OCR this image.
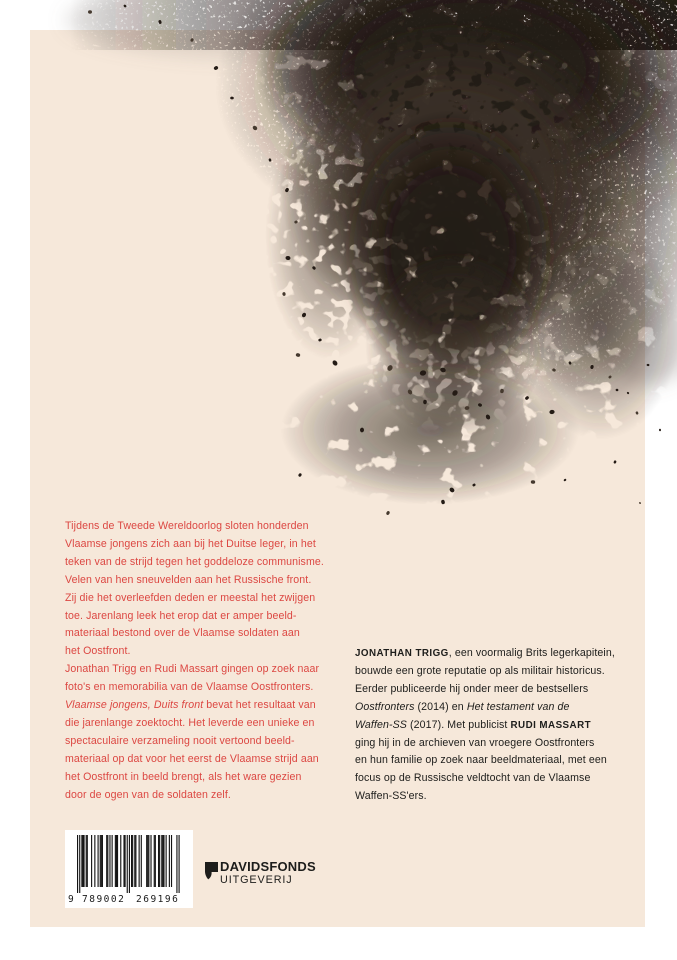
Tijdens de Tweede Wereldoorlog sloten honderden
Vlaamse jongens zich aan bij het Duitse leger, in het
teken van de strijd tegen het goddeloze communisme.
Velen van hen sneuvelden aan het Russische front.
Zij die het overleefden deden er meestal het zwijgen
toe. Jarenlang leek het erop dat er amper beeld-
materiaal bestond over de Vlaamse soldaten aan
het Oostfront.
Jonathan Trigg en Rudi Massart gingen op zoek naar
foto's en memorabilia van de Vlaamse Oostfronters.
Vlaamse jongens, Duits front bevat het resultaat van
die jarenlange zoektocht. Het leverde een unieke en
spectaculaire verzameling nooit vertoond beeld-
materiaal op dat voor het eerst de Vlaamse strijd aan
het Oostfront in beeld brengt, als het ware gezien
door de ogen van de soldaten zelf.

JONATHAN TRIGG, een voormalig Brits legerkapitein,
bouwde een grote reputatie op als militair historicus.
Eerder publiceerde hij onder meer de bestsellers
Oostfronters (2014) en Het testament van de
Waffen-SS (2017). Met publicist RUDI MASSART
ging hij in de archieven van vroegere Oostfronters
en hun familie op zoek naar beeldmateriaal, met een
focus op de Russische veldtocht van de Vlaamse
Waffen-SS'ers.

9 789002 269196
DAVIDSFONDS
UITGEVERIJ
